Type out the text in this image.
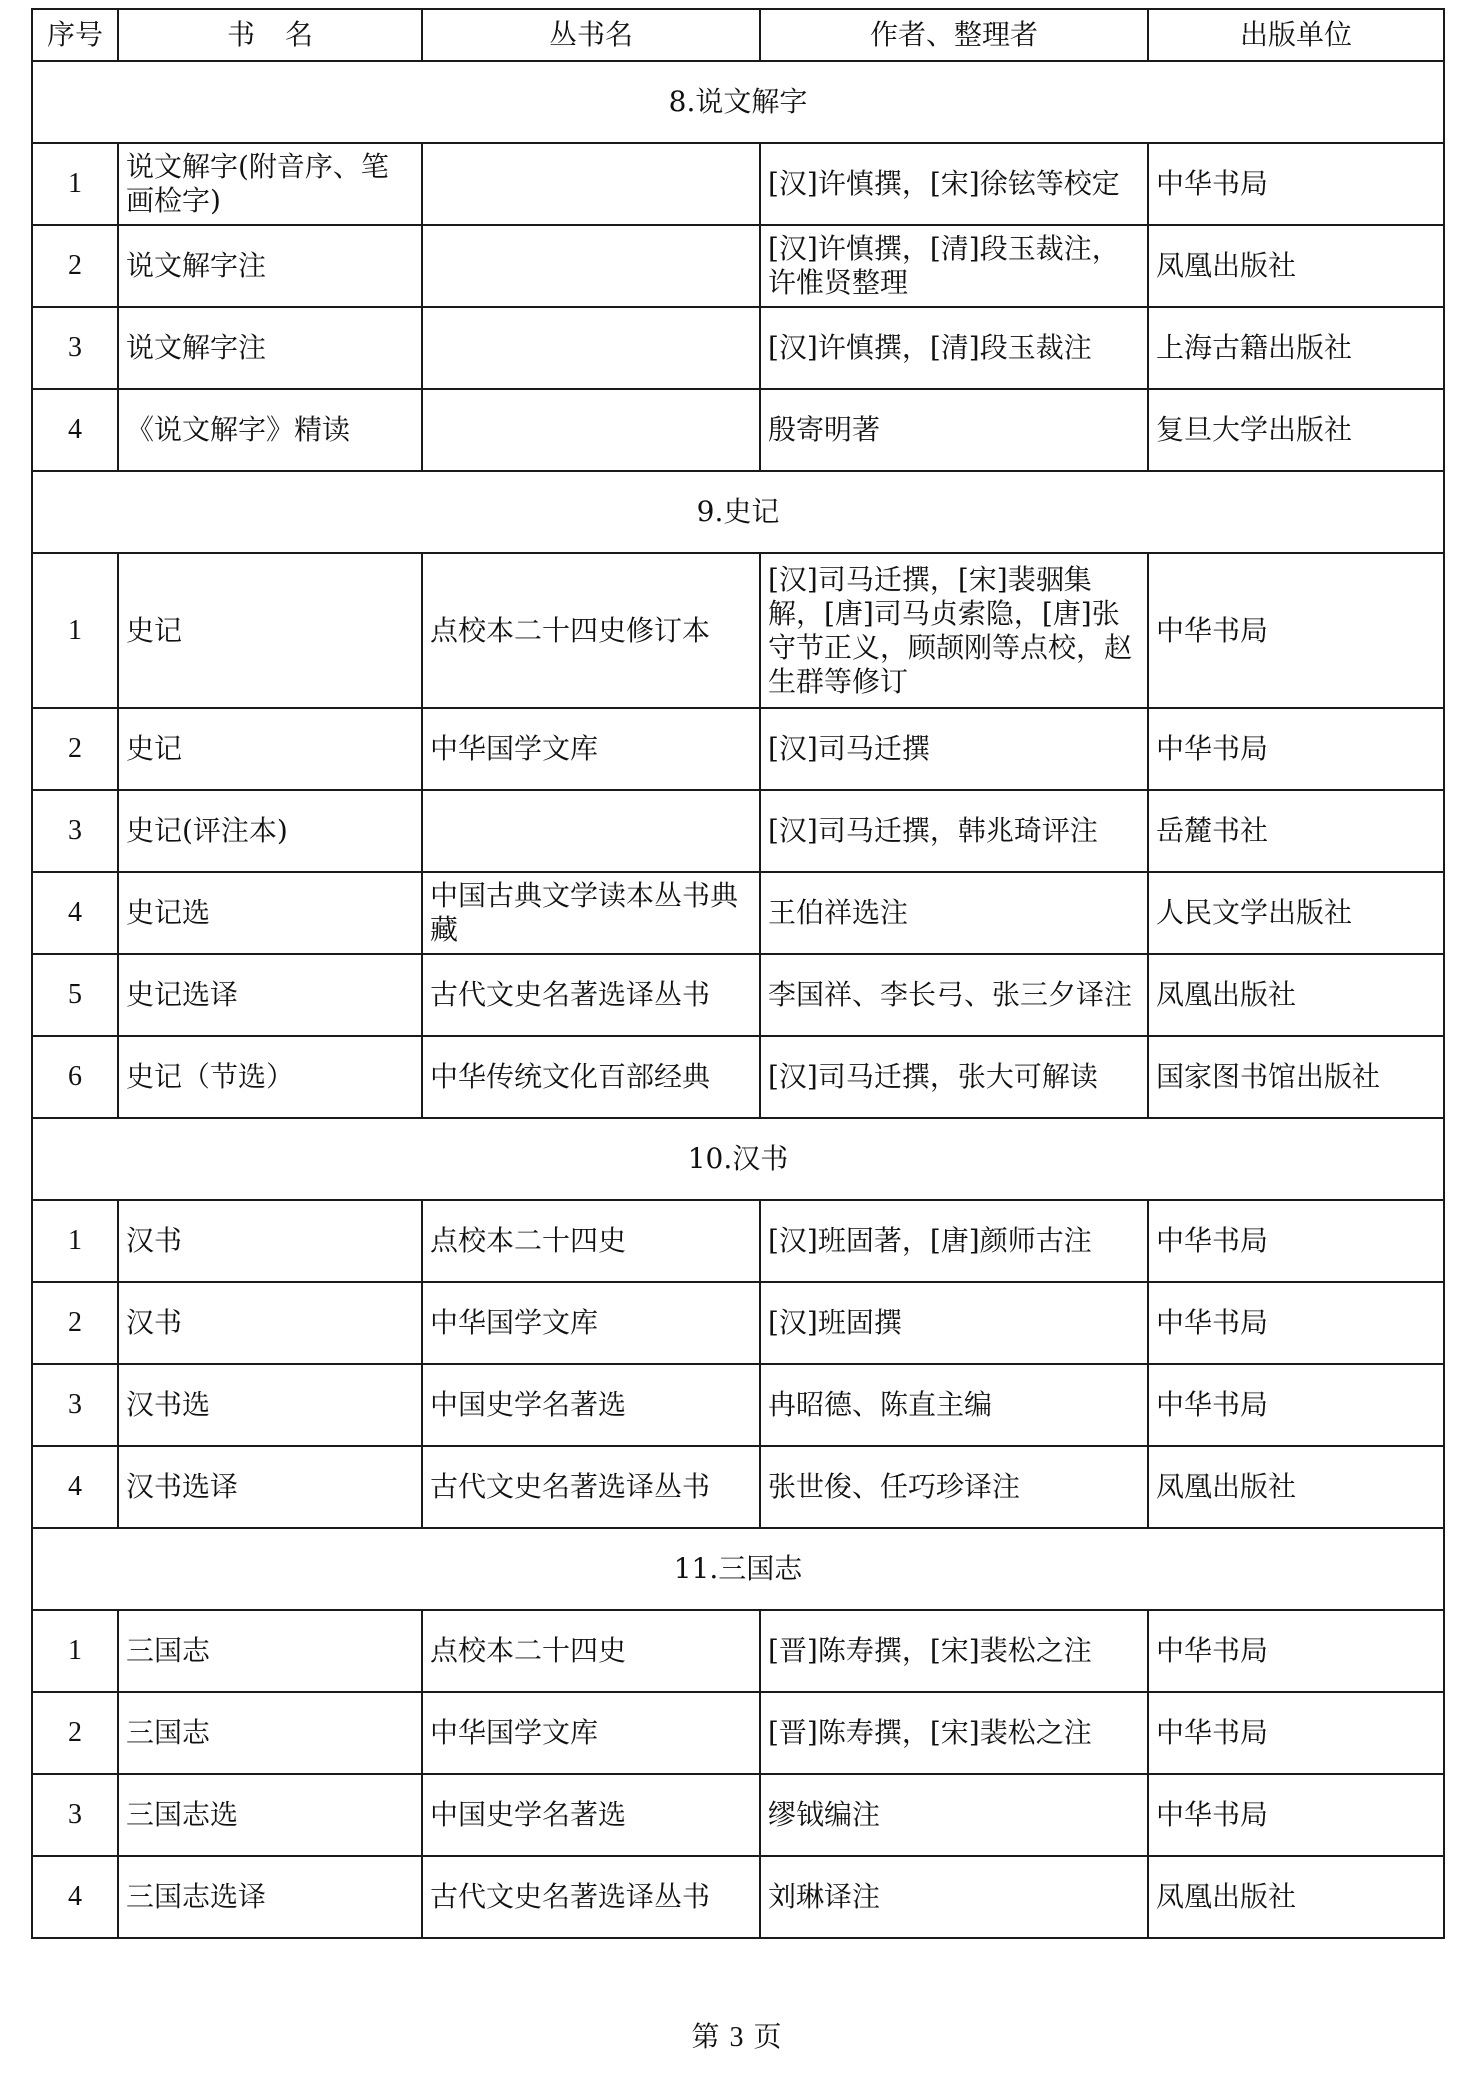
序号	书名	丛书名	作者、整理者	出版单位
8.说文解字				
1	说文解字(附音序、笔画检字)		[汉]许慎撰，[宋]徐铉等校定	中华书局
2	说文解字注		[汉]许慎撰，[清]段玉裁注，许惟贤整理	凤凰出版社
3	说文解字注		[汉]许慎撰，[清]段玉裁注	上海古籍出版社
4	《说文解字》精读		殷寄明著	复旦大学出版社
9.史记				
1	史记	点校本二十四史修订本	[汉]司马迁撰，[宋]裴骃集解，[唐]司马贞索隐，[唐]张守节正义，顾颉刚等点校，赵生群等修订	中华书局
2	史记	中华国学文库	[汉]司马迁撰	中华书局
3	史记(评注本)		[汉]司马迁撰，韩兆琦评注	岳麓书社
4	史记选	中国古典文学读本丛书典藏	王伯祥选注	人民文学出版社
5	史记选译	古代文史名著选译丛书	李国祥、李长弓、张三夕译注	凤凰出版社
6	史记（节选）	中华传统文化百部经典	[汉]司马迁撰，张大可解读	国家图书馆出版社
10.汉书				
1	汉书	点校本二十四史	[汉]班固著，[唐]颜师古注	中华书局
2	汉书	中华国学文库	[汉]班固撰	中华书局
3	汉书选	中国史学名著选	冉昭德、陈直主编	中华书局
4	汉书选译	古代文史名著选译丛书	张世俊、任巧珍译注	凤凰出版社
11.三国志				
1	三国志	点校本二十四史	[晋]陈寿撰，[宋]裴松之注	中华书局
2	三国志	中华国学文库	[晋]陈寿撰，[宋]裴松之注	中华书局
3	三国志选	中国史学名著选	缪钺编注	中华书局
4	三国志选译	古代文史名著选译丛书	刘琳译注	凤凰出版社
第 3 页
